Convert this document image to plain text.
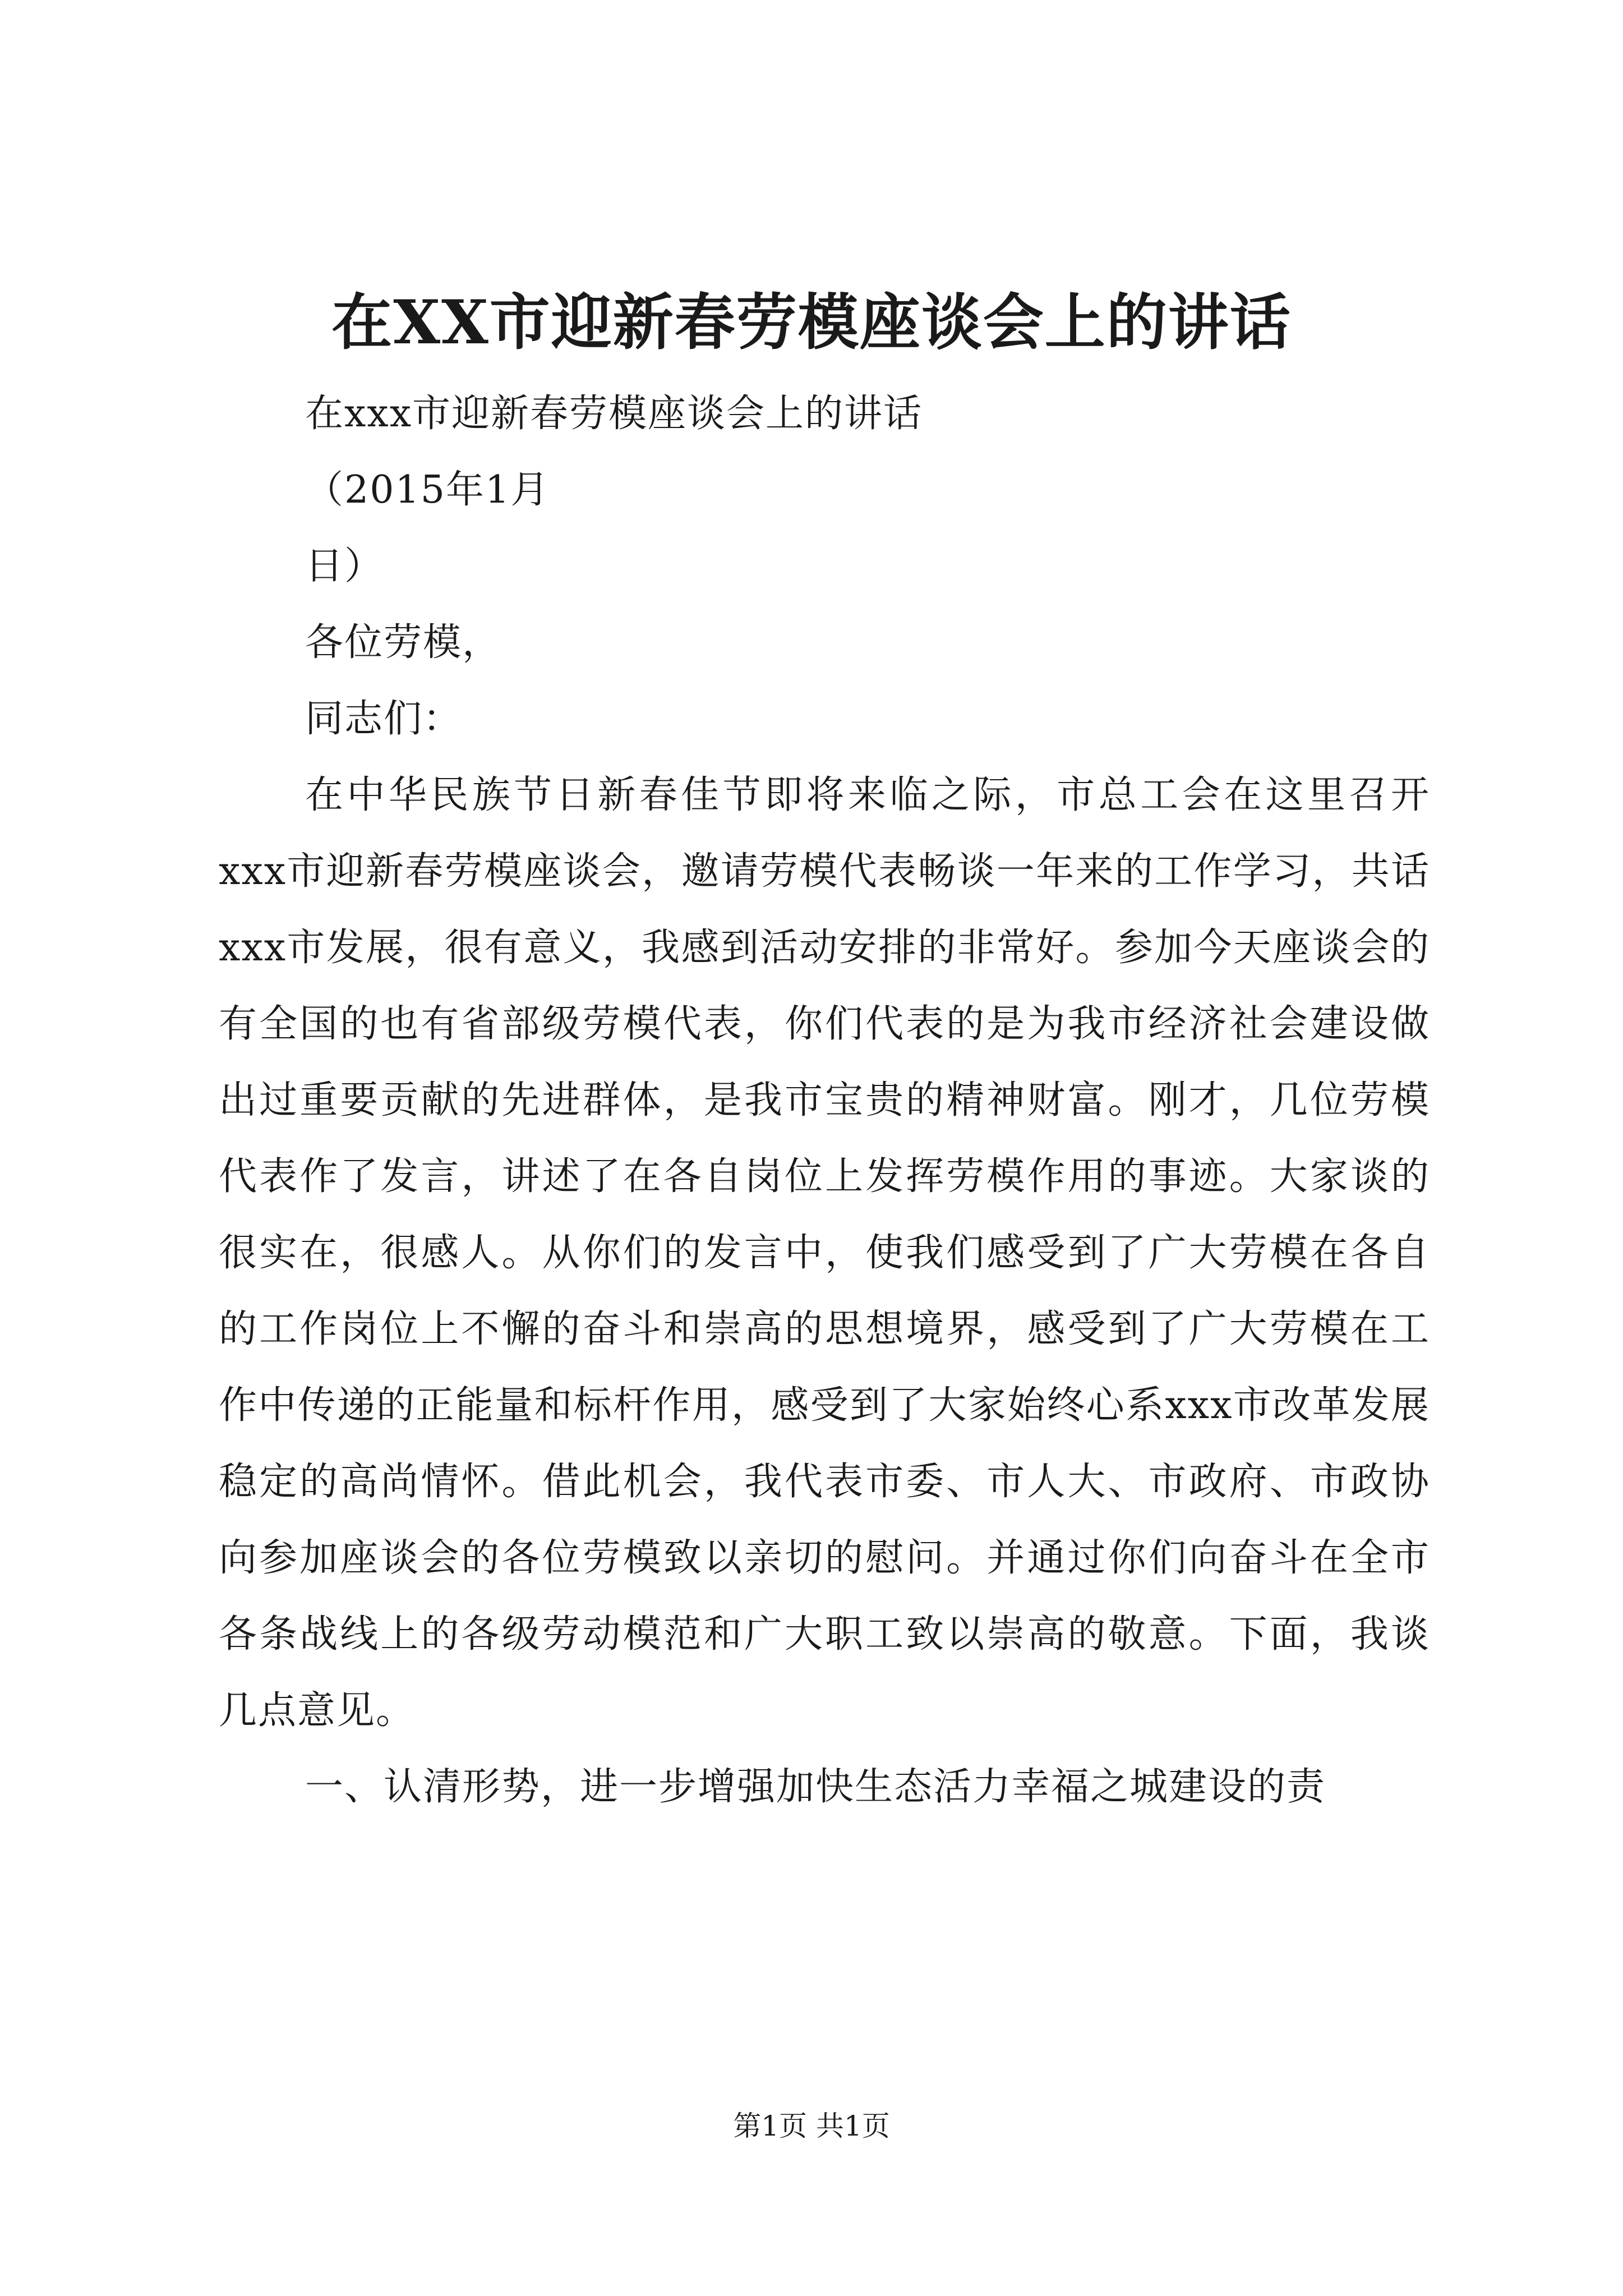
在XX市迎新春劳模座谈会上的讲话

在xxx市迎新春劳模座谈会上的讲话

（2015年1月

日）

各位劳模，

同志们：

在中华民族节日新春佳节即将来临之际，市总工会在这里召开xxx市迎新春劳模座谈会，邀请劳模代表畅谈一年来的工作学习，共话xxx市发展，很有意义，我感到活动安排的非常好。参加今天座谈会的有全国的也有省部级劳模代表，你们代表的是为我市经济社会建设做出过重要贡献的先进群体，是我市宝贵的精神财富。刚才，几位劳模代表作了发言，讲述了在各自岗位上发挥劳模作用的事迹。大家谈的很实在，很感人。从你们的发言中，使我们感受到了广大劳模在各自的工作岗位上不懈的奋斗和崇高的思想境界，感受到了广大劳模在工作中传递的正能量和标杆作用，感受到了大家始终心系xxx市改革发展稳定的高尚情怀。借此机会，我代表市委、市人大、市政府、市政协向参加座谈会的各位劳模致以亲切的慰问。并通过你们向奋斗在全市各条战线上的各级劳动模范和广大职工致以崇高的敬意。下面，我谈几点意见。

一、认清形势，进一步增强加快生态活力幸福之城建设的责

第1页 共1页
